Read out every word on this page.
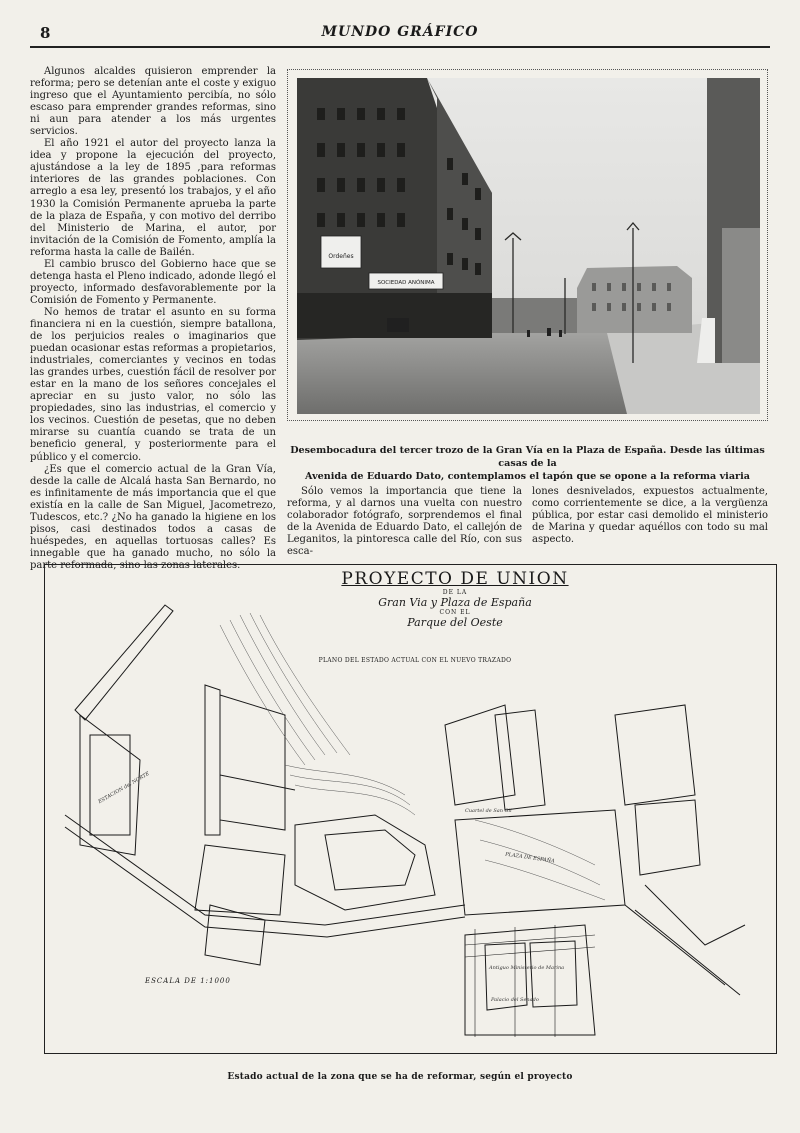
8	MUNDO GRÁFICO

Algunos alcaldes quisieron emprender la reforma; pero se detenían ante el coste y exiguo ingreso que el Ayuntamiento percibía, no sólo escaso para emprender grandes reformas, sino ni aun para atender a los más urgentes servicios.

El año 1921 el autor del proyecto lanza la idea y propone la ejecución del proyecto, ajustándose a la ley de 1895 ,para reformas interiores de las grandes poblaciones. Con arreglo a esa ley, presentó los trabajos, y el año 1930 la Comisión Permanente aprueba la parte de la plaza de España, y con motivo del derribo del Ministerio de Marina, el autor, por invitación de la Comisión de Fomento, amplía la reforma hasta la calle de Bailén.

El cambio brusco del Gobierno hace que se detenga hasta el Pleno indicado, adonde llegó el proyecto, informado desfavorablemente por la Comisión de Fomento y Permanente.

No hemos de tratar el asunto en su forma financiera ni en la cuestión, siempre batallona, de los perjuicios reales o imaginarios que puedan ocasionar estas reformas a propietarios, industriales, comerciantes y vecinos en todas las grandes urbes, cuestión fácil de resolver por estar en la mano de los señores concejales el apreciar en su justo valor, no sólo las propiedades, sino las industrias, el comercio y los vecinos. Cuestión de pesetas, que no deben mirarse su cuantía cuando se trata de un beneficio general, y posteriormente para el público y el comercio.

¿Es que el comercio actual de la Gran Vía, desde la calle de Alcalá hasta San Bernardo, no es infinitamente de más importancia que el que existía en la calle de San Miguel, Jacometrezo, Tudescos, etc.? ¿No ha ganado la higiene en los pisos, casi destinados todos a casas de huéspedes, en aquellas tortuosas calles? Es innegable que ha ganado mucho, no sólo la parte reformada, sino las zonas laterales.

Ordeñes
SOCIEDAD ANÓNIMA
Desembocadura del tercer trozo de la Gran Vía en la Plaza de España. Desde las últimas casas de la
Avenida de Eduardo Dato, contemplamos el tapón que se opone a la reforma viaria

Sólo vemos la importancia que tiene la reforma, y al darnos una vuelta con nuestro colaborador fotógrafo, sorprendemos el final de la Avenida de Eduardo Dato, el callejón de Leganitos, la pintoresca calle del Río, con sus esca-

lones desnivelados, expuestos actualmente, como corrientemente se dice, a la vergüenza pública, por estar casi demolido el ministerio de Marina y quedar aquéllos con todo su mal aspecto.

PROYECTO DE UNION
DE LA
Gran Via y Plaza de España
CON EL
Parque del Oeste
PLANO DEL ESTADO ACTUAL CON EL NUEVO TRAZADO
ESCALA DE 1:1000
ESTACION del NORTE
PLAZA DE ESPAÑA
Cuartel de San Gil
Antiguo Ministerio de Marina
Palacio del Senado
Estado actual de la zona que se ha de reformar, según el proyecto
